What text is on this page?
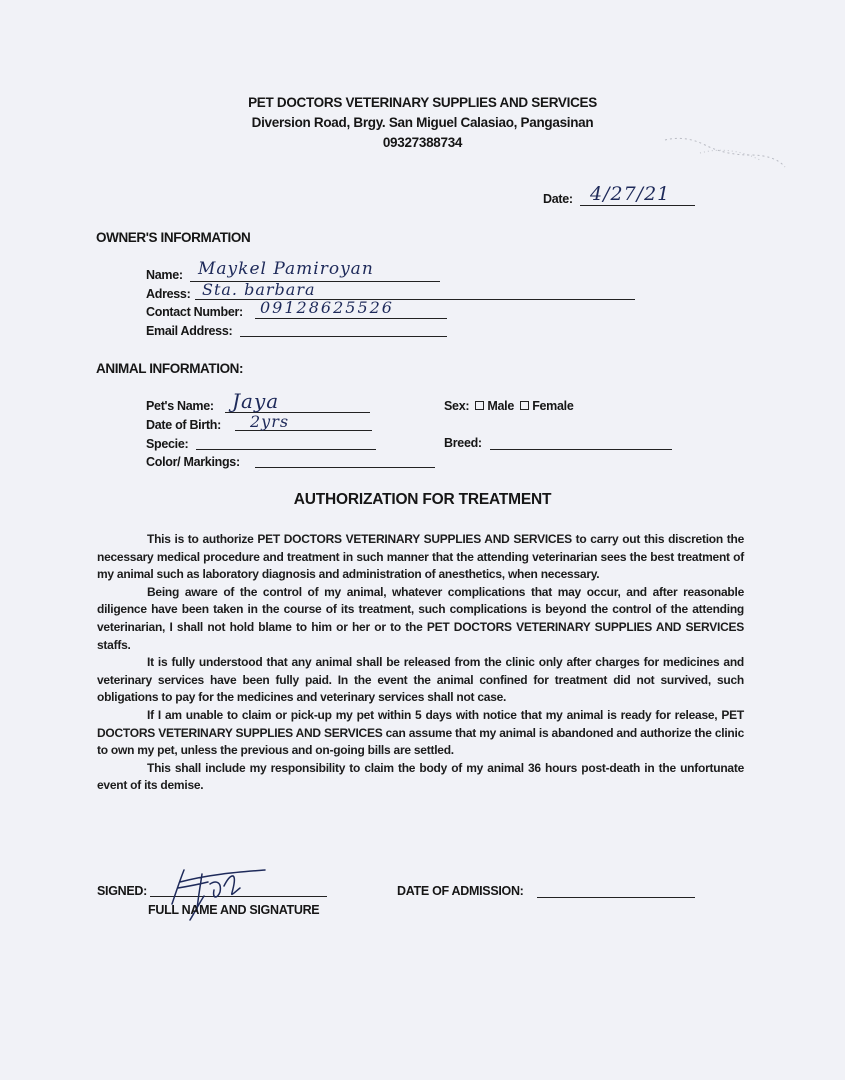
PET DOCTORS VETERINARY SUPPLIES AND SERVICES
Diversion Road, Brgy. San Miguel Calasiao, Pangasinan
09327388734
Date: 4/27/21
OWNER'S INFORMATION
Name: Maykel Pamiroyan
Adress: Sta. barbara
Contact Number: 09128625526
Email Address:
ANIMAL INFORMATION:
Pet's Name: Jaya
Date of Birth: 2yrs
Specie:
Color/ Markings:
Sex: Male Female
Breed:
AUTHORIZATION FOR TREATMENT

This is to authorize PET DOCTORS VETERINARY SUPPLIES AND SERVICES to carry out this discretion the necessary medical procedure and treatment in such manner that the attending veterinarian sees the best treatment of my animal such as laboratory diagnosis and administration of anesthetics, when necessary.

Being aware of the control of my animal, whatever complications that may occur, and after reasonable diligence have been taken in the course of its treatment, such complications is beyond the control of the attending veterinarian, I shall not hold blame to him or her or to the PET DOCTORS VETERINARY SUPPLIES AND SERVICES staffs.

It is fully understood that any animal shall be released from the clinic only after charges for medicines and veterinary services have been fully paid. In the event the animal confined for treatment did not survived, such obligations to pay for the medicines and veterinary services shall not case.

If I am unable to claim or pick-up my pet within 5 days with notice that my animal is ready for release, PET DOCTORS VETERINARY SUPPLIES AND SERVICES can assume that my animal is abandoned and authorize the clinic to own my pet, unless the previous and on-going bills are settled.

This shall include my responsibility to claim the body of my animal 36 hours post-death in the unfortunate event of its demise.

SIGNED:
FULL NAME AND SIGNATURE
DATE OF ADMISSION:
